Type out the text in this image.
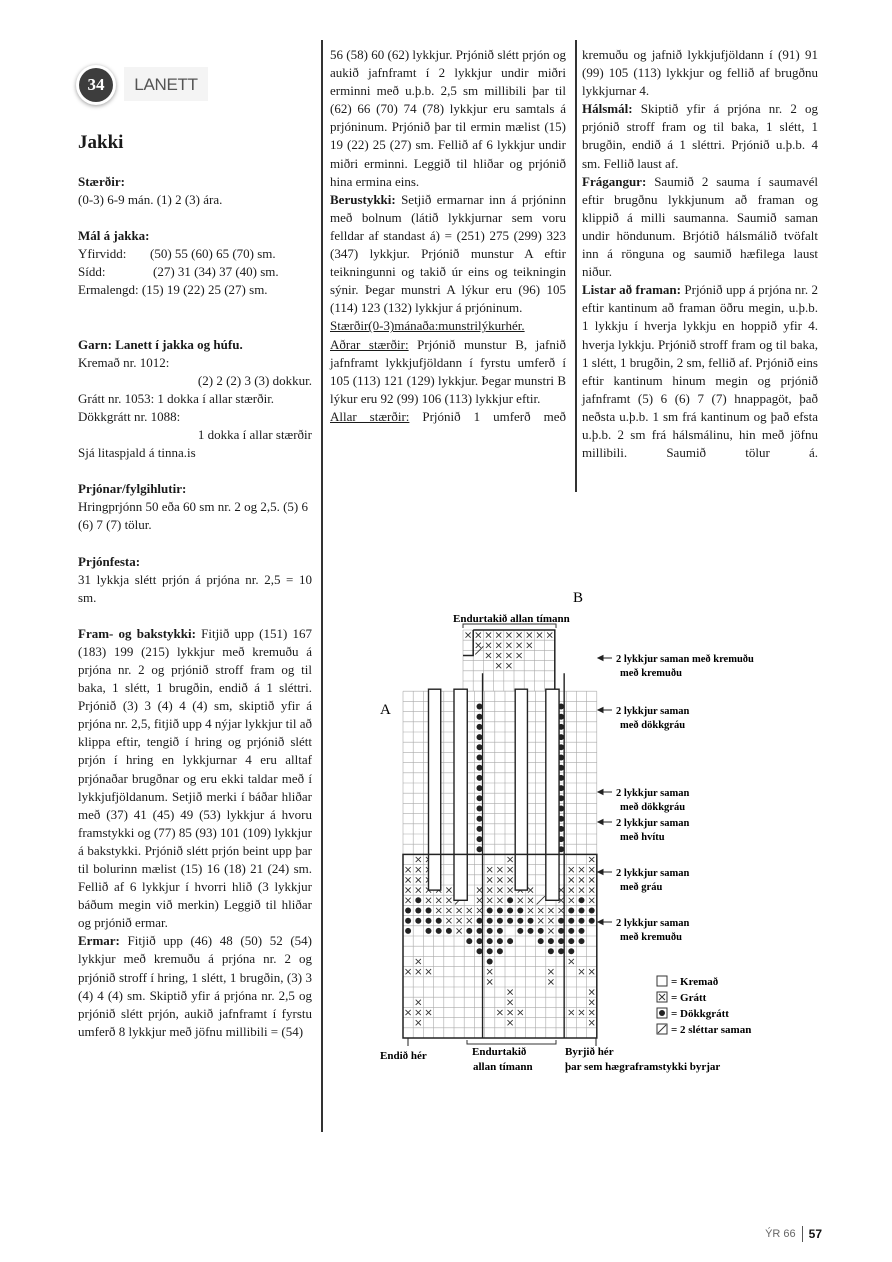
34	LANETT
Jakki

Stærðir:

(0-3) 6-9 mán. (1) 2 (3) ára.

Mál á jakka:

Yfirvidd: (50) 55 (60) 65 (70) sm.

Sídd:	(27) 31 (34) 37 (40) sm.

Ermalengd: (15) 19 (22) 25 (27) sm.

Garn: Lanett í jakka og húfu.

Kremað nr. 1012:

(2) 2 (2) 3 (3) dokkur.

Grátt nr. 1053: 1 dokka í allar stærðir.

Dökkgrátt nr. 1088:

1 dokka í allar stærðir

Sjá litaspjald á tinna.is

Prjónar/fylgihlutir:

Hringprjónn 50 eða 60 sm nr. 2 og 2,5. (5) 6 (6) 7 (7) tölur.

Prjónfesta:

31 lykkja slétt prjón á prjóna nr. 2,5 = 10 sm.

Fram- og bakstykki: Fitjið upp (151) 167 (183) 199 (215) lykkjur með kremuðu á prjóna nr. 2 og prjónið stroff fram og til baka, 1 slétt, 1 brugðin, endið á 1 sléttri. Prjónið (3) 3 (4) 4 (4) sm, skiptið yfir á prjóna nr. 2,5, fitjið upp 4 nýjar lykkjur til að klippa eftir, tengið í hring og prjónið slétt prjón í hring en lykkjurnar 4 eru alltaf prjónaðar brugðnar og eru ekki taldar með í lykkjufjöldanum. Setjið merki í báðar hliðar með (37) 41 (45) 49 (53) lykkjur á hvoru framstykki og (77) 85 (93) 101 (109) lykkjur á bakstykki. Prjónið slétt prjón beint upp þar til bolurinn mælist (15) 16 (18) 21 (24) sm. Fellið af 6 lykkjur í hvorri hlið (3 lykkjur báðum megin við merkin) Leggið til hliðar og prjónið ermar.

Ermar: Fitjið upp (46) 48 (50) 52 (54) lykkjur með kremuðu á prjóna nr. 2 og prjónið stroff í hring, 1 slétt, 1 brugðin, (3) 3 (4) 4 (4) sm. Skiptið yfir á prjóna nr. 2,5 og prjónið slétt prjón, aukið jafnframt í fyrstu umferð 8 lykkjur með jöfnu millibili = (54)

56 (58) 60 (62) lykkjur. Prjónið slétt prjón og aukið jafnframt í 2 lykkjur undir miðri erminni með u.þ.b. 2,5 sm millibili þar til (62) 66 (70) 74 (78) lykkjur eru samtals á prjóninum. Prjónið þar til ermin mælist (15) 19 (22) 25 (27) sm. Fellið af 6 lykkjur undir miðri erminni. Leggið til hliðar og prjónið hina ermina eins.

Berustykki: Setjið ermarnar inn á prjóninn með bolnum (látið lykkjurnar sem voru felldar af standast á) = (251) 275 (299) 323 (347) lykkjur. Prjónið munstur A eftir teikningunni og takið úr eins og teikningin sýnir. Þegar munstri A lýkur eru (96) 105 (114) 123 (132) lykkjur á prjóninum.

Stærðir(0-3)mánaða:munstrilýkurhér.

Aðrar stærðir: Prjónið munstur B, jafnið jafnframt lykkjufjöldann í fyrstu umferð í 105 (113) 121 (129) lykkjur. Þegar munstri B lýkur eru 92 (99) 106 (113) lykkjur eftir.

Allar stærðir: Prjónið 1 umferð með

kremuðu og jafnið lykkjufjöldann í (91) 91 (99) 105 (113) lykkjur og fellið af brugðnu lykkjurnar 4.

Hálsmál: Skiptið yfir á prjóna nr. 2 og prjónið stroff fram og til baka, 1 slétt, 1 brugðin, endið á 1 sléttri. Prjónið u.þ.b. 4 sm. Fellið laust af.

Frágangur: Saumið 2 sauma í saumavél eftir brugðnu lykkjunum að framan og klippið á milli saumanna. Saumið saman undir höndunum. Brjótið hálsmálið tvöfalt inn á rönguna og saumið hæfilega laust niður.

Listar að framan: Prjónið upp á prjóna nr. 2 eftir kantinum að framan öðru megin, u.þ.b. 1 lykkju í hverja lykkju en hoppið yfir 4. hverja lykkju. Prjónið stroff fram og til baka, 1 slétt, 1 brugðin, 2 sm, fellið af. Prjónið eins eftir kantinum hinum megin og prjónið jafnframt (5) 6 (6) 7 (7) hnappagöt, það neðsta u.þ.b. 1 sm frá kantinum og það efsta u.þ.b. 2 sm frá hálsmálinu, hin með jöfnu millibili. Saumið tölur á.

B
Endurtakið allan tímann
A
2 lykkjur saman með kremuðu
með kremuðu
2 lykkjur saman
með dökkgráu
2 lykkjur saman
með dökkgráu
2 lykkjur saman
með hvítu
2 lykkjur saman
með gráu
2 lykkjur saman
með kremuðu
= Kremað
= Grátt
= Dökkgrátt
= 2 sléttar saman
Endið hér	Endurtakið
allan tímann
Byrjið hér
þar sem hægraframstykki byrjar
ÝR 66 57
